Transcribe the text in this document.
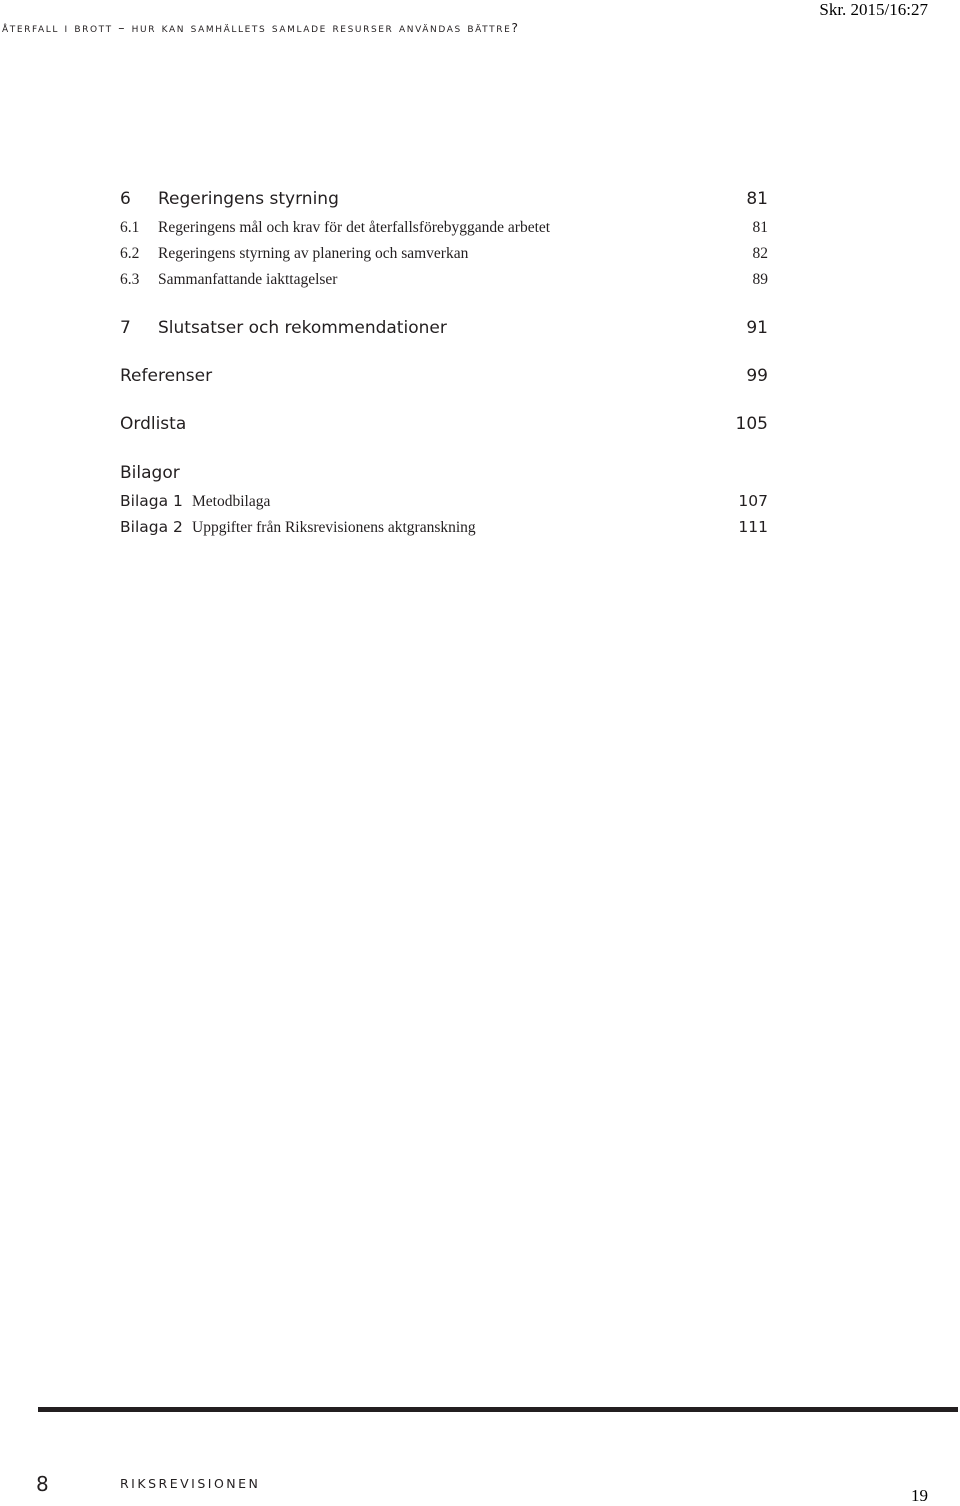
återfall i brott – hur kan samhällets samlade resurser användas bättre?
Skr. 2015/16:27
6	Regeringens styrning	81
6.1	Regeringens mål och krav för det återfallsförebyggande arbetet	81
6.2	Regeringens styrning av planering och samverkan	82
6.3	Sammanfattande iakttagelser	89
7	Slutsatser och rekommendationer	91
Referenser	99
Ordlista	105
Bilagor
Bilaga 1 Metodbilaga	107
Bilaga 2 Uppgifter från Riksrevisionens aktgranskning	111
8	RIKSREVISIONEN
19
